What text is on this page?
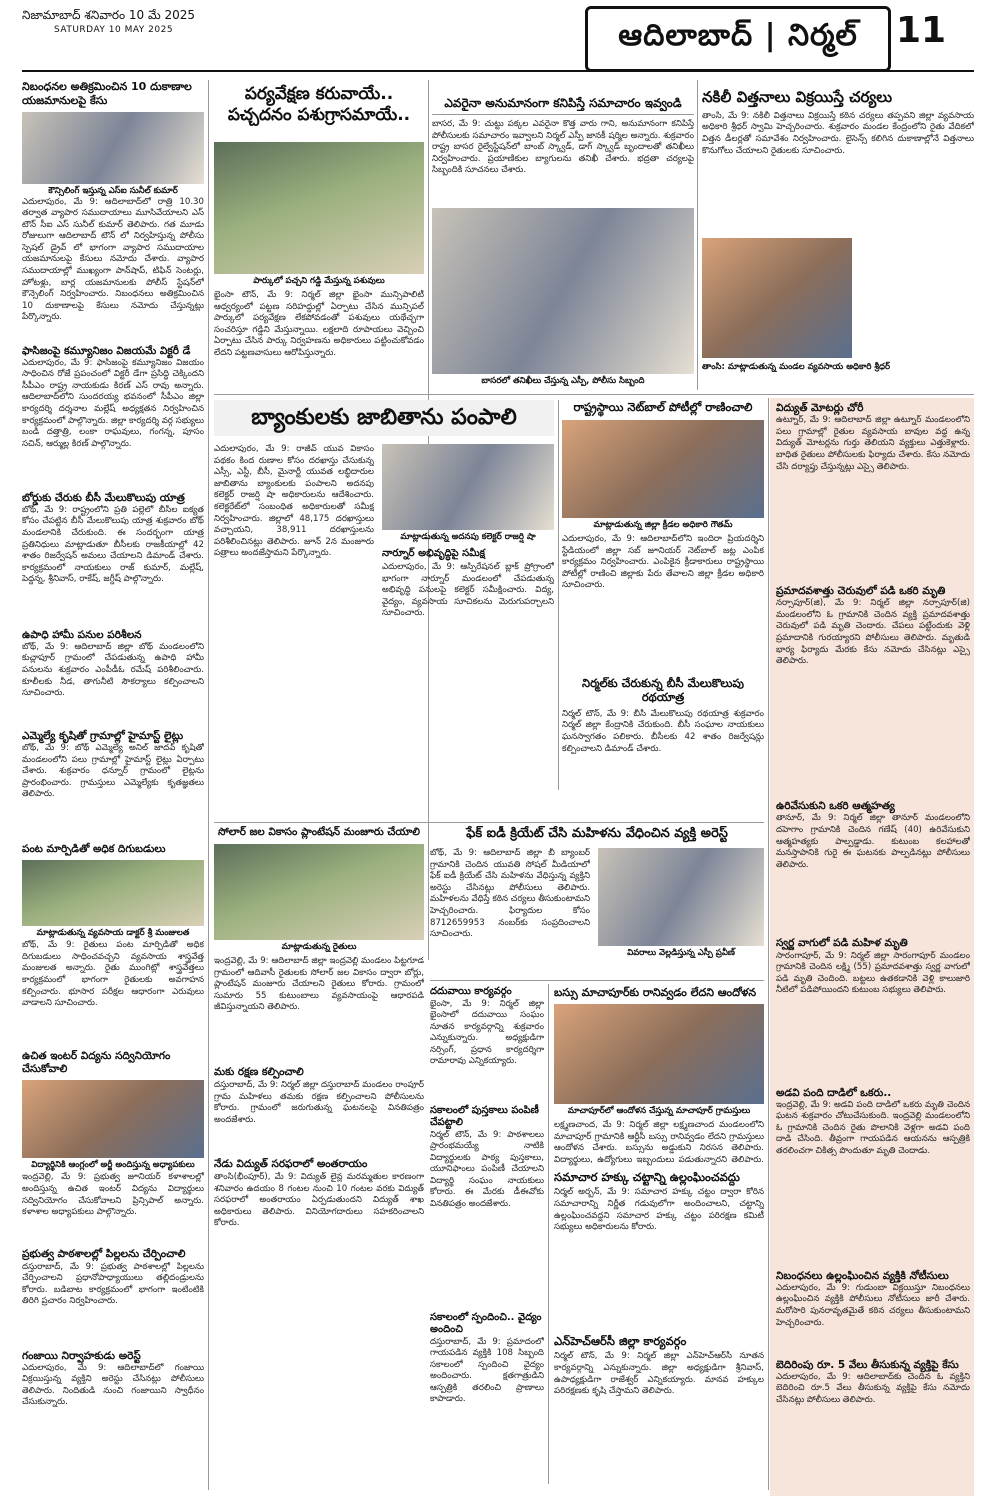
నిజామాబాద్ శనివారం 10 మే 2025
SATURDAY 10 MAY 2025	ఆదిలాబాద్ | నిర్మల్	11
నిబంధనల అతిక్రమించిన 10 దుకాణాల యజమానులపై కేసు
కౌన్సిలింగ్ ఇస్తున్న ఎస్ఐ సునీల్ కుమార్
ఎదులాపురం, మే 9: ఆదిలాబాద్‌లో రాత్రి 10.30 తర్వాత వ్యాపార సముదాయాలు మూసివేయాలని ఎస్ టౌన్ సీఐ ఎస్ సునీల్ కుమార్ తెలిపారు. గత మూడు రోజులుగా ఆదిలాబాద్ టౌన్ లో నిర్వహిస్తున్న పోలీసు స్పెషల్ డ్రైవ్ లో భాగంగా వ్యాపార సముదాయాల యజమానులపై కేసులు నమోదు చేశారు. వ్యాపార సముదాయాల్లో ముఖ్యంగా పాన్‌షాప్, టిఫిన్ సెంటర్లు, హోటళ్లు, బార్ల యజమానులకు పోలీస్ స్టేషన్‌లో కౌన్సెలింగ్ నిర్వహించారు. నిబంధనలు అతిక్రమించిన 10 దుకాణాలపై కేసులు నమోదు చేస్తున్నట్లు పేర్కొన్నారు.
ఫాసిజంపై కమ్యూనిజం విజయమే విక్టరీ డే
ఎదులాపురం, మే 9: ఫాసిజంపై కమ్యూనిజం విజయం సాధించిన రోజే ప్రపంచంలో విక్టరీ డేగా ప్రసిద్ధి చెక్కిందని సీపీఎం రాష్ట్ర నాయకుడు కిరణ్ ఎస్ రావు అన్నారు. ఆదిలాబాద్‌లోని సుందరయ్య భవనంలో సీపీఎం జిల్లా కార్యదర్శి దర్శనాల మల్లేష్ అధ్యక్షతన నిర్వహించిన కార్యక్రమంలో పాల్గొన్నారు. జిల్లా కార్యదర్శి వర్గ సభ్యులు బండి దత్తాత్రి, లంకా రాఘవులు, గంగన్న, పూసం సచిన్, ఆర్ముల్ల కిరణ్ పాల్గొన్నారు.
బోర్డుకు చేరుకు బీసీ మేలుకొలుపు యాత్ర
బోథ్, మే 9: రాష్ట్రంలోని ప్రతి పల్లెలో బీసీల ఐక్యత కోసం చేపట్టిన బీసీ మేలుకొలుపు యాత్ర శుక్రవారం బోథ్ మండలానికి చేరుకుంది. ఈ సందర్భంగా యాత్ర ప్రతినిధులు మాట్లాడుతూ బీసీలకు రాజకీయాల్లో 42 శాతం రిజర్వేషన్ అమలు చేయాలని డిమాండ్ చేశారు. కార్యక్రమంలో నాయకులు రాజ్ కుమార్, మల్లేష్, పెద్దన్న, శ్రీనివాస్, రాకేష్, జగ్దీష్ పాల్గొన్నారు.
ఉపాధి హామీ పనుల పరిశీలన
బోథ్, మే 9: ఆదిలాబాద్ జిల్లా బోథ్ మండలంలోని కుచ్లాపూర్ గ్రామంలో చేపడుతున్న ఉపాధి హామీ పనులను శుక్రవారం ఎంపీడీఓ రమేష్ పరిశీలించారు. కూలీలకు నీడ, తాగునీటి సౌకర్యాలు కల్పించాలని సూచించారు.
ఎమ్మెల్యే కృషితో గ్రామాల్లో హైమాస్ట్ లైట్లు
బోథ్, మే 9: బోథ్ ఎమ్మెల్యే అనిల్ జాదవ్ కృషితో మండలంలోని పలు గ్రామాల్లో హైమాస్ట్ లైట్లు ఏర్పాటు చేశారు. శుక్రవారం ధన్నూర్ గ్రామంలో లైట్లను ప్రారంభించారు. గ్రామస్తులు ఎమ్మెల్యేకు కృతజ్ఞతలు తెలిపారు.
పంట మార్పిడితో అధిక దిగుబడులు
మాట్లాడుతున్న వ్యవసాయ డాక్టర్ శ్రీ మంజులత
బోథ్, మే 9: రైతులు పంట మార్పిడితో అధిక దిగుబడులు సాధించవచ్చని వ్యవసాయ శాస్త్రవేత్త మంజులత అన్నారు. రైతు ముంగిట్లో శాస్త్రవేత్తలు కార్యక్రమంలో భాగంగా రైతులకు అవగాహన కల్పించారు. భూసార పరీక్షల ఆధారంగా ఎరువులు వాడాలని సూచించారు.
ఉచిత ఇంటర్ విద్యను సద్వినియోగం చేసుకోవాలి
విద్యార్థినికి ఆంగ్లంలో అర్జీ అందిస్తున్న అధ్యాపకులు
ఇంద్రవెల్లి, మే 9: ప్రభుత్వ జూనియర్ కళాశాలల్లో అందిస్తున్న ఉచిత ఇంటర్ విద్యను విద్యార్థులు సద్వినియోగం చేసుకోవాలని ప్రిన్సిపాల్ అన్నారు. కళాశాల అధ్యాపకులు పాల్గొన్నారు.
ప్రభుత్వ పాఠశాలల్లో పిల్లలను చేర్పించాలి
దస్తురాబాద్, మే 9: ప్రభుత్వ పాఠశాలల్లో పిల్లలను చేర్పించాలని ప్రధానోపాధ్యాయులు తల్లిదండ్రులను కోరారు. బడిబాట కార్యక్రమంలో భాగంగా ఇంటింటికి తిరిగి ప్రచారం నిర్వహించారు.
గంజాయి నిర్వాహకుడు అరెస్ట్
ఎదులాపురం, మే 9: ఆదిలాబాద్‌లో గంజాయి విక్రయిస్తున్న వ్యక్తిని అరెస్టు చేసినట్లు పోలీసులు తెలిపారు. నిందితుడి నుంచి గంజాయిని స్వాధీనం చేసుకున్నారు.
పర్యవేక్షణ కరువాయే..
పచ్చదనం పశుగ్రాసమాయే..
పార్కులో పచ్చని గడ్డి మేస్తున్న పశువులు
భైంసా టౌన్, మే 9: నిర్మల్ జిల్లా భైంసా మున్సిపాలిటీ ఆధ్వర్యంలో పట్టణ సరిహద్దుల్లో ఏర్పాటు చేసిన మున్సిపల్ పార్కులో పర్యవేక్షణ లేకపోవడంతో పశువులు యథేచ్ఛగా సంచరిస్తూ గడ్డిని మేస్తున్నాయి. లక్షలాది రూపాయలు వెచ్చించి ఏర్పాటు చేసిన పార్కు నిర్వహణను అధికారులు పట్టించుకోవడం లేదని పట్టణవాసులు ఆరోపిస్తున్నారు.
ఎవరైనా అనుమానంగా కనిపిస్తే సమాచారం ఇవ్వండి
బాసర, మే 9: చుట్టు పక్కల ఎవరైనా కొత్త వారు గాని, అనుమానంగా కనిపిస్తే పోలీసులకు సమాచారం ఇవ్వాలని నిర్మల్ ఎస్పీ జానకీ షర్మిల అన్నారు. శుక్రవారం రాష్ట్ర బాసర రైల్వేస్టేషన్‌లో బాంబ్ స్క్వాడ్, డాగ్ స్క్వాడ్ బృందాలతో తనిఖీలు నిర్వహించారు. ప్రయాణికుల బ్యాగులను తనిఖీ చేశారు. భద్రతా చర్యలపై సిబ్బందికి సూచనలు చేశారు.
బాసరలో తనిఖీలు చేస్తున్న ఎస్పీ, పోలీసు సిబ్బంది
నకిలీ విత్తనాలు విక్రయిస్తే చర్యలు
తాంసి, మే 9: నకిలీ విత్తనాలు విక్రయిస్తే కఠిన చర్యలు తప్పవని జిల్లా వ్యవసాయ అధికారి శ్రీధర్ స్వామి హెచ్చరించారు. శుక్రవారం మండల కేంద్రంలోని రైతు వేదికలో విత్తన డీలర్లతో సమావేశం నిర్వహించారు. లైసెన్స్ కలిగిన దుకాణాల్లోనే విత్తనాలు కొనుగోలు చేయాలని రైతులకు సూచించారు.
తాంసి: మాట్లాడుతున్న మండల వ్యవసాయ అధికారి శ్రీధర్
బ్యాంకులకు జాబితాను పంపాలి
మాట్లాడుతున్న అదనపు కలెక్టర్ రాజర్షి షా
ఎదులాపురం, మే 9: రాజీవ్ యువ వికాసం పథకం కింద రుణాల కోసం దరఖాస్తు చేసుకున్న ఎస్సీ, ఎస్టీ, బీసీ, మైనార్టీ యువత లబ్ధిదారుల జాబితాను బ్యాంకులకు పంపాలని అదనపు కలెక్టర్ రాజర్షి షా అధికారులను ఆదేశించారు. కలెక్టరేట్‌లో సంబంధిత అధికారులతో సమీక్ష నిర్వహించారు. జిల్లాలో 48,175 దరఖాస్తులు వచ్చాయని, 38,911 దరఖాస్తులను పరిశీలించినట్లు తెలిపారు. జూన్ 2న మంజూరు పత్రాలు అందజేస్తామని పేర్కొన్నారు.	నార్నూర్ అభివృద్ధిపై సమీక్ష
ఎదులాపురం, మే 9: ఆస్పిరేషనల్ బ్లాక్ ప్రోగ్రాంలో భాగంగా నార్నూర్ మండలంలో చేపడుతున్న అభివృద్ధి పనులపై కలెక్టర్ సమీక్షించారు. విద్య, వైద్యం, వ్యవసాయ సూచికలను మెరుగుపర్చాలని సూచించారు.
రాష్ట్రస్థాయి నెట్‌బాల్ పోటీల్లో రాణించాలి
మాట్లాడుతున్న జిల్లా క్రీడల అధికారి గౌతమ్
ఎదులాపురం, మే 9: ఆదిలాబాద్‌లోని ఇందిరా ప్రియదర్శిని స్టేడియంలో జిల్లా సబ్ జూనియర్ నెట్‌బాల్ జట్ల ఎంపిక కార్యక్రమం నిర్వహించారు. ఎంపికైన క్రీడాకారులు రాష్ట్రస్థాయి పోటీల్లో రాణించి జిల్లాకు పేరు తేవాలని జిల్లా క్రీడల అధికారి సూచించారు.
నిర్మల్‌కు చేరుకున్న బీసీ మేలుకొలుపు రథయాత్ర
నిర్మల్ టౌన్, మే 9: బీసీ మేలుకొలుపు రథయాత్ర శుక్రవారం నిర్మల్ జిల్లా కేంద్రానికి చేరుకుంది. బీసీ సంఘాల నాయకులు ఘనస్వాగతం పలికారు. బీసీలకు 42 శాతం రిజర్వేషన్లు కల్పించాలని డిమాండ్ చేశారు.
సోలార్ జల వికాసం ప్లాంటేషన్ మంజూరు చేయాలి
మాట్లాడుతున్న రైతులు
ఇంద్రవెల్లి, మే 9: ఆదిలాబాద్ జిల్లా ఇంద్రవెల్లి మండలం పిట్టగూడ గ్రామంలో ఆదివాసీ రైతులకు సోలార్ జల వికాసం ద్వారా బోర్లు, ప్లాంటేషన్ మంజూరు చేయాలని రైతులు కోరారు. గ్రామంలో సుమారు 55 కుటుంబాలు వ్యవసాయంపై ఆధారపడి జీవిస్తున్నాయని తెలిపారు.
మకు రక్షణ కల్పించాలి
దస్తురాబాద్, మే 9: నిర్మల్ జిల్లా దస్తురాబాద్ మండలం రాంపూర్ గ్రామ మహిళలు తమకు రక్షణ కల్పించాలని పోలీసులను కోరారు. గ్రామంలో జరుగుతున్న ఘటనలపై వినతిపత్రం అందజేశారు.
నేడు విద్యుత్ సరఫరాలో అంతరాయం
తాంసి(భీంపూర్), మే 9: విద్యుత్ లైన్ల మరమ్మతుల కారణంగా శనివారం ఉదయం 8 గంటల నుంచి 10 గంటల వరకు విద్యుత్ సరఫరాలో అంతరాయం ఏర్పడుతుందని విద్యుత్ శాఖ అధికారులు తెలిపారు. వినియోగదారులు సహకరించాలని కోరారు.
ఫేక్ ఐడీ క్రియేట్ చేసి మహిళను వేధించిన వ్యక్తి అరెస్ట్
బోథ్, మే 9: ఆదిలాబాద్ జిల్లా బీ బ్యాంబర్ గ్రామానికి చెందిన యువతి సోషల్ మీడియాలో ఫేక్ ఐడీ క్రియేట్ చేసి మహిళను వేధిస్తున్న వ్యక్తిని అరెస్టు చేసినట్లు పోలీసులు తెలిపారు. మహిళలను వేధిస్తే కఠిన చర్యలు తీసుకుంటామని హెచ్చరించారు. ఫిర్యాదుల కోసం 8712659953 నంబర్‌కు సంప్రదించాలని సూచించారు.
వివరాలు వెల్లడిస్తున్న ఎస్పీ ప్రవీణ్
దదువాయి కార్యవర్గం
భైంసా, మే 9: నిర్మల్ జిల్లా భైంసాలో దదువాయి సంఘం నూతన కార్యవర్గాన్ని శుక్రవారం ఎన్నుకున్నారు. అధ్యక్షుడిగా నర్సింగ్, ప్రధాన కార్యదర్శిగా రామారావు ఎన్నికయ్యారు.
సకాలంలో పుస్తకాలు పంపిణీ చేపట్టాలి
నిర్మల్ టౌన్, మే 9: పాఠశాలలు ప్రారంభమయ్యే నాటికి విద్యార్థులకు పాఠ్య పుస్తకాలు, యూనిఫాంలు పంపిణీ చేయాలని విద్యార్థి సంఘం నాయకులు కోరారు. ఈ మేరకు డీఈవోకు వినతిపత్రం అందజేశారు.
సకాలంలో స్పందించి.. వైద్యం అందించి
దస్తురాబాద్, మే 9: ప్రమాదంలో గాయపడిన వ్యక్తికి 108 సిబ్బంది సకాలంలో స్పందించి వైద్యం అందించారు. క్షతగాత్రుడిని ఆస్పత్రికి తరలించి ప్రాణాలు కాపాడారు.
బస్సు మాచాపూర్‌కు రానివ్వడం లేదని ఆందోళన
మాచాపూర్‌లో ఆందోళన చేస్తున్న మాచాపూర్ గ్రామస్తులు
లక్ష్మణచాంద, మే 9: నిర్మల్ జిల్లా లక్ష్మణచాంద మండలంలోని మాచాపూర్ గ్రామానికి ఆర్టీసీ బస్సు రానివ్వడం లేదని గ్రామస్తులు ఆందోళన చేశారు. బస్సును అడ్డుకుని నిరసన తెలిపారు. విద్యార్థులు, ఉద్యోగులు ఇబ్బందులు పడుతున్నారని తెలిపారు.
సమాచార హక్కు చట్టాన్ని ఉల్లంఘించవద్దు
నిర్మల్ అర్బన్, మే 9: సమాచార హక్కు చట్టం ద్వారా కోరిన సమాచారాన్ని నిర్ణీత గడువులోగా అందించాలని, చట్టాన్ని ఉల్లంఘించవద్దని సమాచార హక్కు చట్టం పరిరక్షణ కమిటీ సభ్యులు అధికారులను కోరారు.
ఎన్‌హెచ్‌ఆర్‌సీ జిల్లా కార్యవర్గం
నిర్మల్ టౌన్, మే 9: నిర్మల్ జిల్లా ఎన్‌హెచ్‌ఆర్‌సీ నూతన కార్యవర్గాన్ని ఎన్నుకున్నారు. జిల్లా అధ్యక్షుడిగా శ్రీనివాస్, ఉపాధ్యక్షుడిగా రాజేశ్వర్ ఎన్నికయ్యారు. మానవ హక్కుల పరిరక్షణకు కృషి చేస్తామని తెలిపారు.
విద్యుత్ మోటర్లు చోరీ
ఉట్నూర్, మే 9: ఆదిలాబాద్ జిల్లా ఉట్నూర్ మండలంలోని పలు గ్రామాల్లో రైతుల వ్యవసాయ బావుల వద్ద ఉన్న విద్యుత్ మోటర్లను గుర్తు తెలియని వ్యక్తులు ఎత్తుకెళ్లారు. బాధిత రైతులు పోలీసులకు ఫిర్యాదు చేశారు. కేసు నమోదు చేసి దర్యాప్తు చేస్తున్నట్లు ఎస్సై తెలిపారు.
ప్రమాదవశాత్తు చెరువులో పడి ఒకరి మృతి
నర్సాపూర్(జి), మే 9: నిర్మల్ జిల్లా నర్సాపూర్(జి) మండలంలోని ఓ గ్రామానికి చెందిన వ్యక్తి ప్రమాదవశాత్తు చెరువులో పడి మృతి చెందారు. చేపలు పట్టేందుకు వెళ్లి ప్రమాదానికి గురయ్యారని పోలీసులు తెలిపారు. మృతుడి భార్య ఫిర్యాదు మేరకు కేసు నమోదు చేసినట్లు ఎస్సై తెలిపారు.
ఉరివేసుకుని ఒకరి ఆత్మహత్య
తానూర్, మే 9: నిర్మల్ జిల్లా తానూర్ మండలంలోని దహెగాం గ్రామానికి చెందిన గణేష్ (40) ఉరివేసుకుని ఆత్మహత్యకు పాల్పడ్డాడు. కుటుంబ కలహాలతో మనస్తాపానికి గురై ఈ ఘటనకు పాల్పడినట్లు పోలీసులు తెలిపారు.
స్వర్ణ వాగులో పడి మహిళ మృతి
సారంగాపూర్, మే 9: నిర్మల్ జిల్లా సారంగాపూర్ మండలం గ్రామానికి చెందిన లక్ష్మి (55) ప్రమాదవశాత్తు స్వర్ణ వాగులో పడి మృతి చెందింది. బట్టలు ఉతకడానికి వెళ్లి కాలుజారి నీటిలో పడిపోయిందని కుటుంబ సభ్యులు తెలిపారు.
అడవి పంది దాడిలో ఒకరు..
ఇంద్రవెల్లి, మే 9: అడవి పంది దాడిలో ఒకరు మృతి చెందిన ఘటన శుక్రవారం చోటుచేసుకుంది. ఇంద్రవెల్లి మండలంలోని ఓ గ్రామానికి చెందిన రైతు పొలానికి వెళ్లగా అడవి పంది దాడి చేసింది. తీవ్రంగా గాయపడిన ఆయనను ఆస్పత్రికి తరలించగా చికిత్స పొందుతూ మృతి చెందాడు.
నిబంధనలు ఉల్లంఘించిన వ్యక్తికి నోటీసులు
ఎదులాపురం, మే 9: గుడుంబా విక్రయిస్తూ నిబంధనలు ఉల్లంఘించిన వ్యక్తికి పోలీసులు నోటీసులు జారీ చేశారు. మరోసారి పునరావృతమైతే కఠిన చర్యలు తీసుకుంటామని హెచ్చరించారు.
బెదిరింపు రూ. 5 వేలు తీసుకున్న వ్యక్తిపై కేసు
ఎదులాపురం, మే 9: ఆదిలాబాద్‌కు చెందిన ఓ వ్యక్తిని బెదిరించి రూ.5 వేలు తీసుకున్న వ్యక్తిపై కేసు నమోదు చేసినట్లు పోలీసులు తెలిపారు.
